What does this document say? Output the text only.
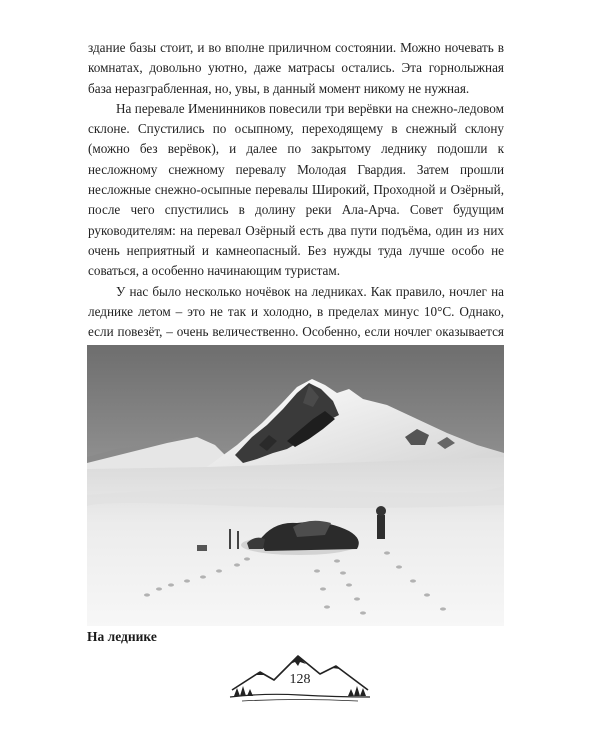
здание базы стоит, и во вполне приличном состоянии. Можно ночевать в комнатах, довольно уютно, даже матрасы остались. Эта горнолыжная база неразграбленная, но, увы, в данный момент никому не нужная.

На перевале Именинников повесили три верёвки на снежно-ледовом склоне. Спустились по осыпному, переходящему в снежный склону (можно без верёвок), и далее по закрытому леднику подошли к несложному снежному перевалу Молодая Гвардия. Затем прошли несложные снежно-осыпные перевалы Широкий, Проходной и Озёрный, после чего спустились в долину реки Ала-Арча. Совет будущим руководителям: на перевал Озёрный есть два пути подъёма, один из них очень неприятный и камнеопасный. Без нужды туда лучше особо не соваться, а особенно начинающим туристам.

У нас было несколько ночёвок на ледниках. Как правило, ночлег на леднике летом – это не так и холодно, в пределах минус 10°С. Однако, если повезёт, – очень величественно. Особенно, если ночлег оказывается

На леднике
128
